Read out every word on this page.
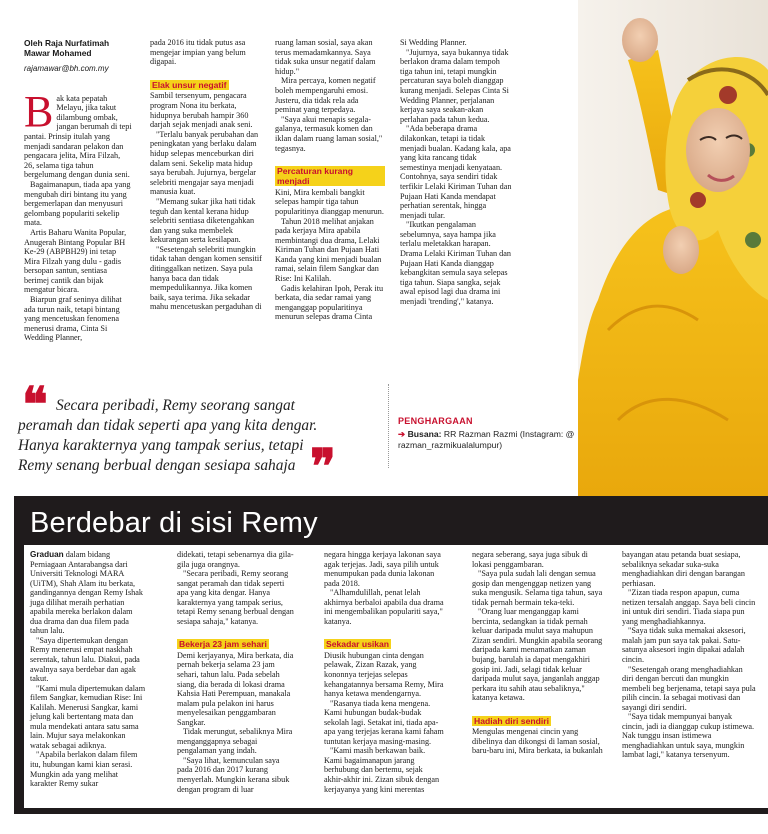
Oleh Raja Nurfatimah Mawar Mohamed
rajamawar@bh.com.my
B ak kata pepatah Melayu, jika takut dilambung ombak, jangan berumah di tepi pantai. Prinsip itulah yang menjadi sandaran pelakon dan pengacara jelita, Mira Filzah, 26, selama tiga tahun bergelumang dengan dunia seni.

Bagaimanapun, tiada apa yang mengubah diri bintang itu yang bergemerlapan dan menyusuri gelombang populariti sekelip mata.

Artis Baharu Wanita Popular, Anugerah Bintang Popular BH Ke-29 (ABPBH29) ini tetap Mira Filzah yang dulu - gadis bersopan santun, sentiasa berimej cantik dan bijak mengatur bicara.

Biarpun graf seninya dilihat ada turun naik, tetapi bintang yang mencetuskan fenomena menerusi drama, Cinta Si Wedding Planner,

pada 2016 itu tidak putus asa mengejar impian yang belum digapai.

Elak unsur negatif

Sambil tersenyum, pengacara program Nona itu berkata, hidupnya berubah hampir 360 darjah sejak menjadi anak seni.

"Terlalu banyak perubahan dan peningkatan yang berlaku dalam hidup selepas menceburkan diri dalam seni. Sekelip mata hidup saya berubah. Jujurnya, bergelar selebriti mengajar saya menjadi manusia kuat.

"Memang sukar jika hati tidak teguh dan kental kerana hidup selebriti sentiasa diketengahkan dan yang suka membelek kekurangan serta kesilapan.

"Sesetengah selebriti mungkin tidak tahan dengan komen sensitif ditinggalkan netizen. Saya pula hanya baca dan tidak mempedulikannya. Jika komen baik, saya terima. Jika sekadar mahu mencetuskan pergaduhan di

ruang laman sosial, saya akan terus memadamkannya. Saya tidak suka unsur negatif dalam hidup."

Mira percaya, komen negatif boleh mempengaruhi emosi. Justeru, dia tidak rela ada peminat yang terpedaya.

"Saya akui menapis segala-galanya, termasuk komen dan iklan dalam ruang laman sosial," tegasnya.

Percaturan kurang menjadi

Kini, Mira kembali bangkit selepas hampir tiga tahun popularitinya dianggap menurun.

Tahun 2018 melihat anjakan pada kerjaya Mira apabila membintangi dua drama, Lelaki Kiriman Tuhan dan Pujaan Hati Kanda yang kini menjadi bualan ramai, selain filem Sangkar dan Rise: Ini Kalilah.

Gadis kelahiran Ipoh, Perak itu berkata, dia sedar ramai yang menganggap popularitinya menurun selepas drama Cinta

Si Wedding Planner.

"Jujurnya, saya bukannya tidak berlakon drama dalam tempoh tiga tahun ini, tetapi mungkin percaturan saya boleh dianggap kurang menjadi. Selepas Cinta Si Wedding Planner, perjalanan kerjaya saya seakan-akan perlahan pada tahun kedua.

"Ada beberapa drama dilakonkan, tetapi ia tidak menjadi bualan. Kadang kala, apa yang kita rancang tidak semestinya menjadi kenyataan. Contohnya, saya sendiri tidak terfikir Lelaki Kiriman Tuhan dan Pujaan Hati Kanda mendapat perhatian serentak, hingga menjadi tular.

"Ikutkan pengalaman sebelumnya, saya hampa jika terlalu meletakkan harapan. Drama Lelaki Kiriman Tuhan dan Pujaan Hati Kanda dianggap kebangkitan semula saya selepas tiga tahun. Siapa sangka, sejak awal episod lagi dua drama ini menjadi 'trending'," katanya.

❝ Secara peribadi, Remy seorang sangat
peramah dan tidak seperti apa yang kita dengar.
Hanya karakternya yang tampak serius, tetapi
Remy senang berbual dengan sesiapa sahaja ❞
PENGHARGAAN
➔ Busana: RR Razman Razmi (Instagram: @ razman_razmikualalumpur)
Berdebar di sisi Remy

Graduan dalam bidang Perniagaan Antarabangsa dari Universiti Teknologi MARA (UiTM), Shah Alam itu berkata, gandingannya dengan Remy Ishak juga dilihat meraih perhatian apabila mereka berlakon dalam dua drama dan dua filem pada tahun lalu.

"Saya dipertemukan dengan Remy menerusi empat naskhah serentak, tahun lalu. Diakui, pada awalnya saya berdebar dan agak takut.

"Kami mula dipertemukan dalam filem Sangkar, kemudian Rise: Ini Kalilah. Menerusi Sangkar, kami jelung kali bertentang mata dan mula mendekati antara satu sama lain. Mujur saya melakonkan watak sebagai adiknya.

"Apabila berlakon dalam filem itu, hubungan kami kian serasi. Mungkin ada yang melihat karakter Remy sukar

didekati, tetapi sebenarnya dia gila-gila juga orangnya.

"Secara peribadi, Remy seorang sangat peramah dan tidak seperti apa yang kita dengar. Hanya karakternya yang tampak serius, tetapi Remy senang berbual dengan sesiapa sahaja," katanya.

Bekerja 23 jam sehari

Demi kerjayanya, Mira berkata, dia pernah bekerja selama 23 jam sehari, tahun lalu. Pada sebelah siang, dia berada di lokasi drama Kahsia Hati Perempuan, manakala malam pula pelakon ini harus menyelesaikan penggambaran Sangkar.

Tidak merungut, sebaliknya Mira menganggapnya sebagai pengalaman yang indah.

"Saya lihat, kemunculan saya pada 2016 dan 2017 kurang menyerlah. Mungkin kerana sibuk dengan program di luar

negara hingga kerjaya lakonan saya agak terjejas. Jadi, saya pilih untuk menumpukan pada dunia lakonan pada 2018.

"Alhamdulillah, penat lelah akhirnya berbaloi apabila dua drama ini mengembalikan populariti saya," katanya.

Sekadar usikan

Diusik hubungan cinta dengan pelawak, Zizan Razak, yang kononnya terjejas selepas kehangatannya bersama Remy, Mira hanya ketawa mendengarnya.

"Rasanya tiada kena mengena. Kami hubungan budak-budak sekolah lagi. Setakat ini, tiada apa-apa yang terjejas kerana kami faham tuntutan kerjaya masing-masing.

"Kami masih berkawan baik. Kami bagaimanapun jarang berhubung dan bertemu, sejak akhir-akhir ini. Zizan sibuk dengan kerjayanya yang kini merentas

negara seberang, saya juga sibuk di lokasi penggambaran.

"Saya pula sudah lali dengan semua gosip dan mengenggap netizen yang suka mengusik. Selama tiga tahun, saya tidak pernah bermain teka-teki.

"Orang luar menganggap kami bercinta, sedangkan ia tidak pernah keluar daripada mulut saya mahupun Zizan sendiri. Mungkin apabila seorang daripada kami menamatkan zaman bujang, barulah ia dapat mengakhiri gosip ini. Jadi, selagi tidak keluar daripada mulut saya, janganlah anggap perkara itu sahih atau sebaliknya," katanya ketawa.

Hadiah diri sendiri

Mengulas mengenai cincin yang dibelinya dan dikongsi di laman sosial, baru-baru ini, Mira berkata, ia bukanlah

bayangan atau petanda buat sesiapa, sebaliknya sekadar suka-suka menghadiahkan diri dengan barangan perhiasan.

"Zizan tiada respon apapun, cuma netizen tersalah anggap. Saya beli cincin ini untuk diri sendiri. Tiada siapa pun yang menghadiahkannya.

"Saya tidak suka memakai aksesori, malah jam pun saya tak pakai. Satu-satunya aksesori ingin dipakai adalah cincin.

"Sesetengah orang menghadiahkan diri dengan bercuti dan mungkin membeli beg berjenama, tetapi saya pula pilih cincin. Ia sebagai motivasi dan sayangi diri sendiri.

"Saya tidak mempunyai banyak cincin, jadi ia dianggap cukup istimewa. Nak tunggu insan istimewa menghadiahkan untuk saya, mungkin lambat lagi," katanya tersenyum.
